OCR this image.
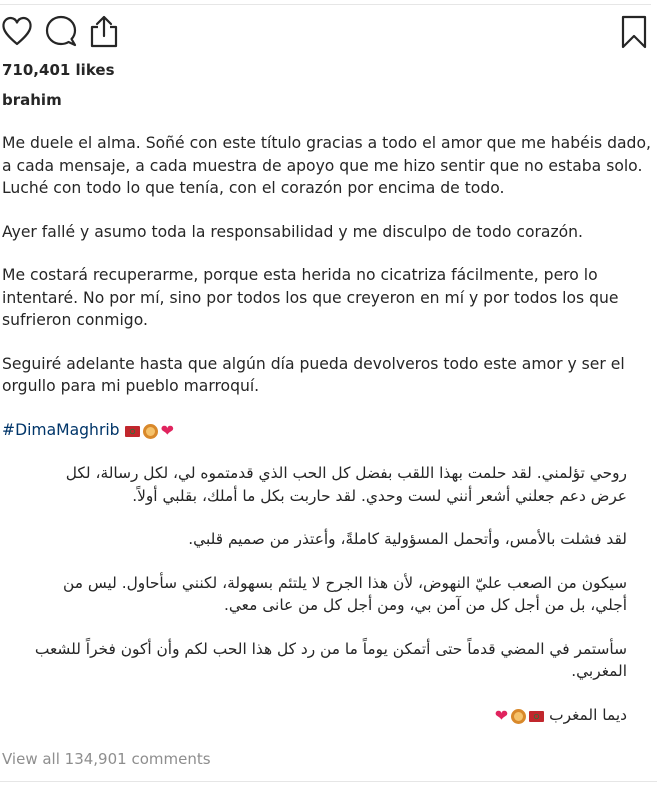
710,401 likes
brahim

Me duele el alma. Soñé con este título gracias a todo el amor que me habéis dado,
a cada mensaje, a cada muestra de apoyo que me hizo sentir que no estaba solo.
Luché con todo lo que tenía, con el corazón por encima de todo.

Ayer fallé y asumo toda la responsabilidad y me disculpo de todo corazón.

Me costará recuperarme, porque esta herida no cicatriza fácilmente, pero lo
intentaré. No por mí, sino por todos los que creyeron en mí y por todos los que
sufrieron conmigo.

Seguiré adelante hasta que algún día pueda devolveros todo este amor y ser el
orgullo para mi pueblo marroquí.

#DimaMaghrib	❤

روحي تؤلمني. لقد حلمت بهذا اللقب بفضل كل الحب الذي قدمتموه لي، لكل رسالة، لكل
عرض دعم جعلني أشعر أنني لست وحدي. لقد حاربت بكل ما أملك، بقلبي أولاً.

لقد فشلت بالأمس، وأتحمل المسؤولية كاملةً، وأعتذر من صميم قلبي.

سيكون من الصعب عليّ النهوض، لأن هذا الجرح لا يلتئم بسهولة، لكنني سأحاول. ليس من
أجلي، بل من أجل كل من آمن بي، ومن أجل كل من عانى معي.

سأستمر في المضي قدماً حتى أتمكن يوماً ما من رد كل هذا الحب لكم وأن أكون فخراً للشعب
المغربي.

ديما المغرب
❤

View all 134,901 comments
